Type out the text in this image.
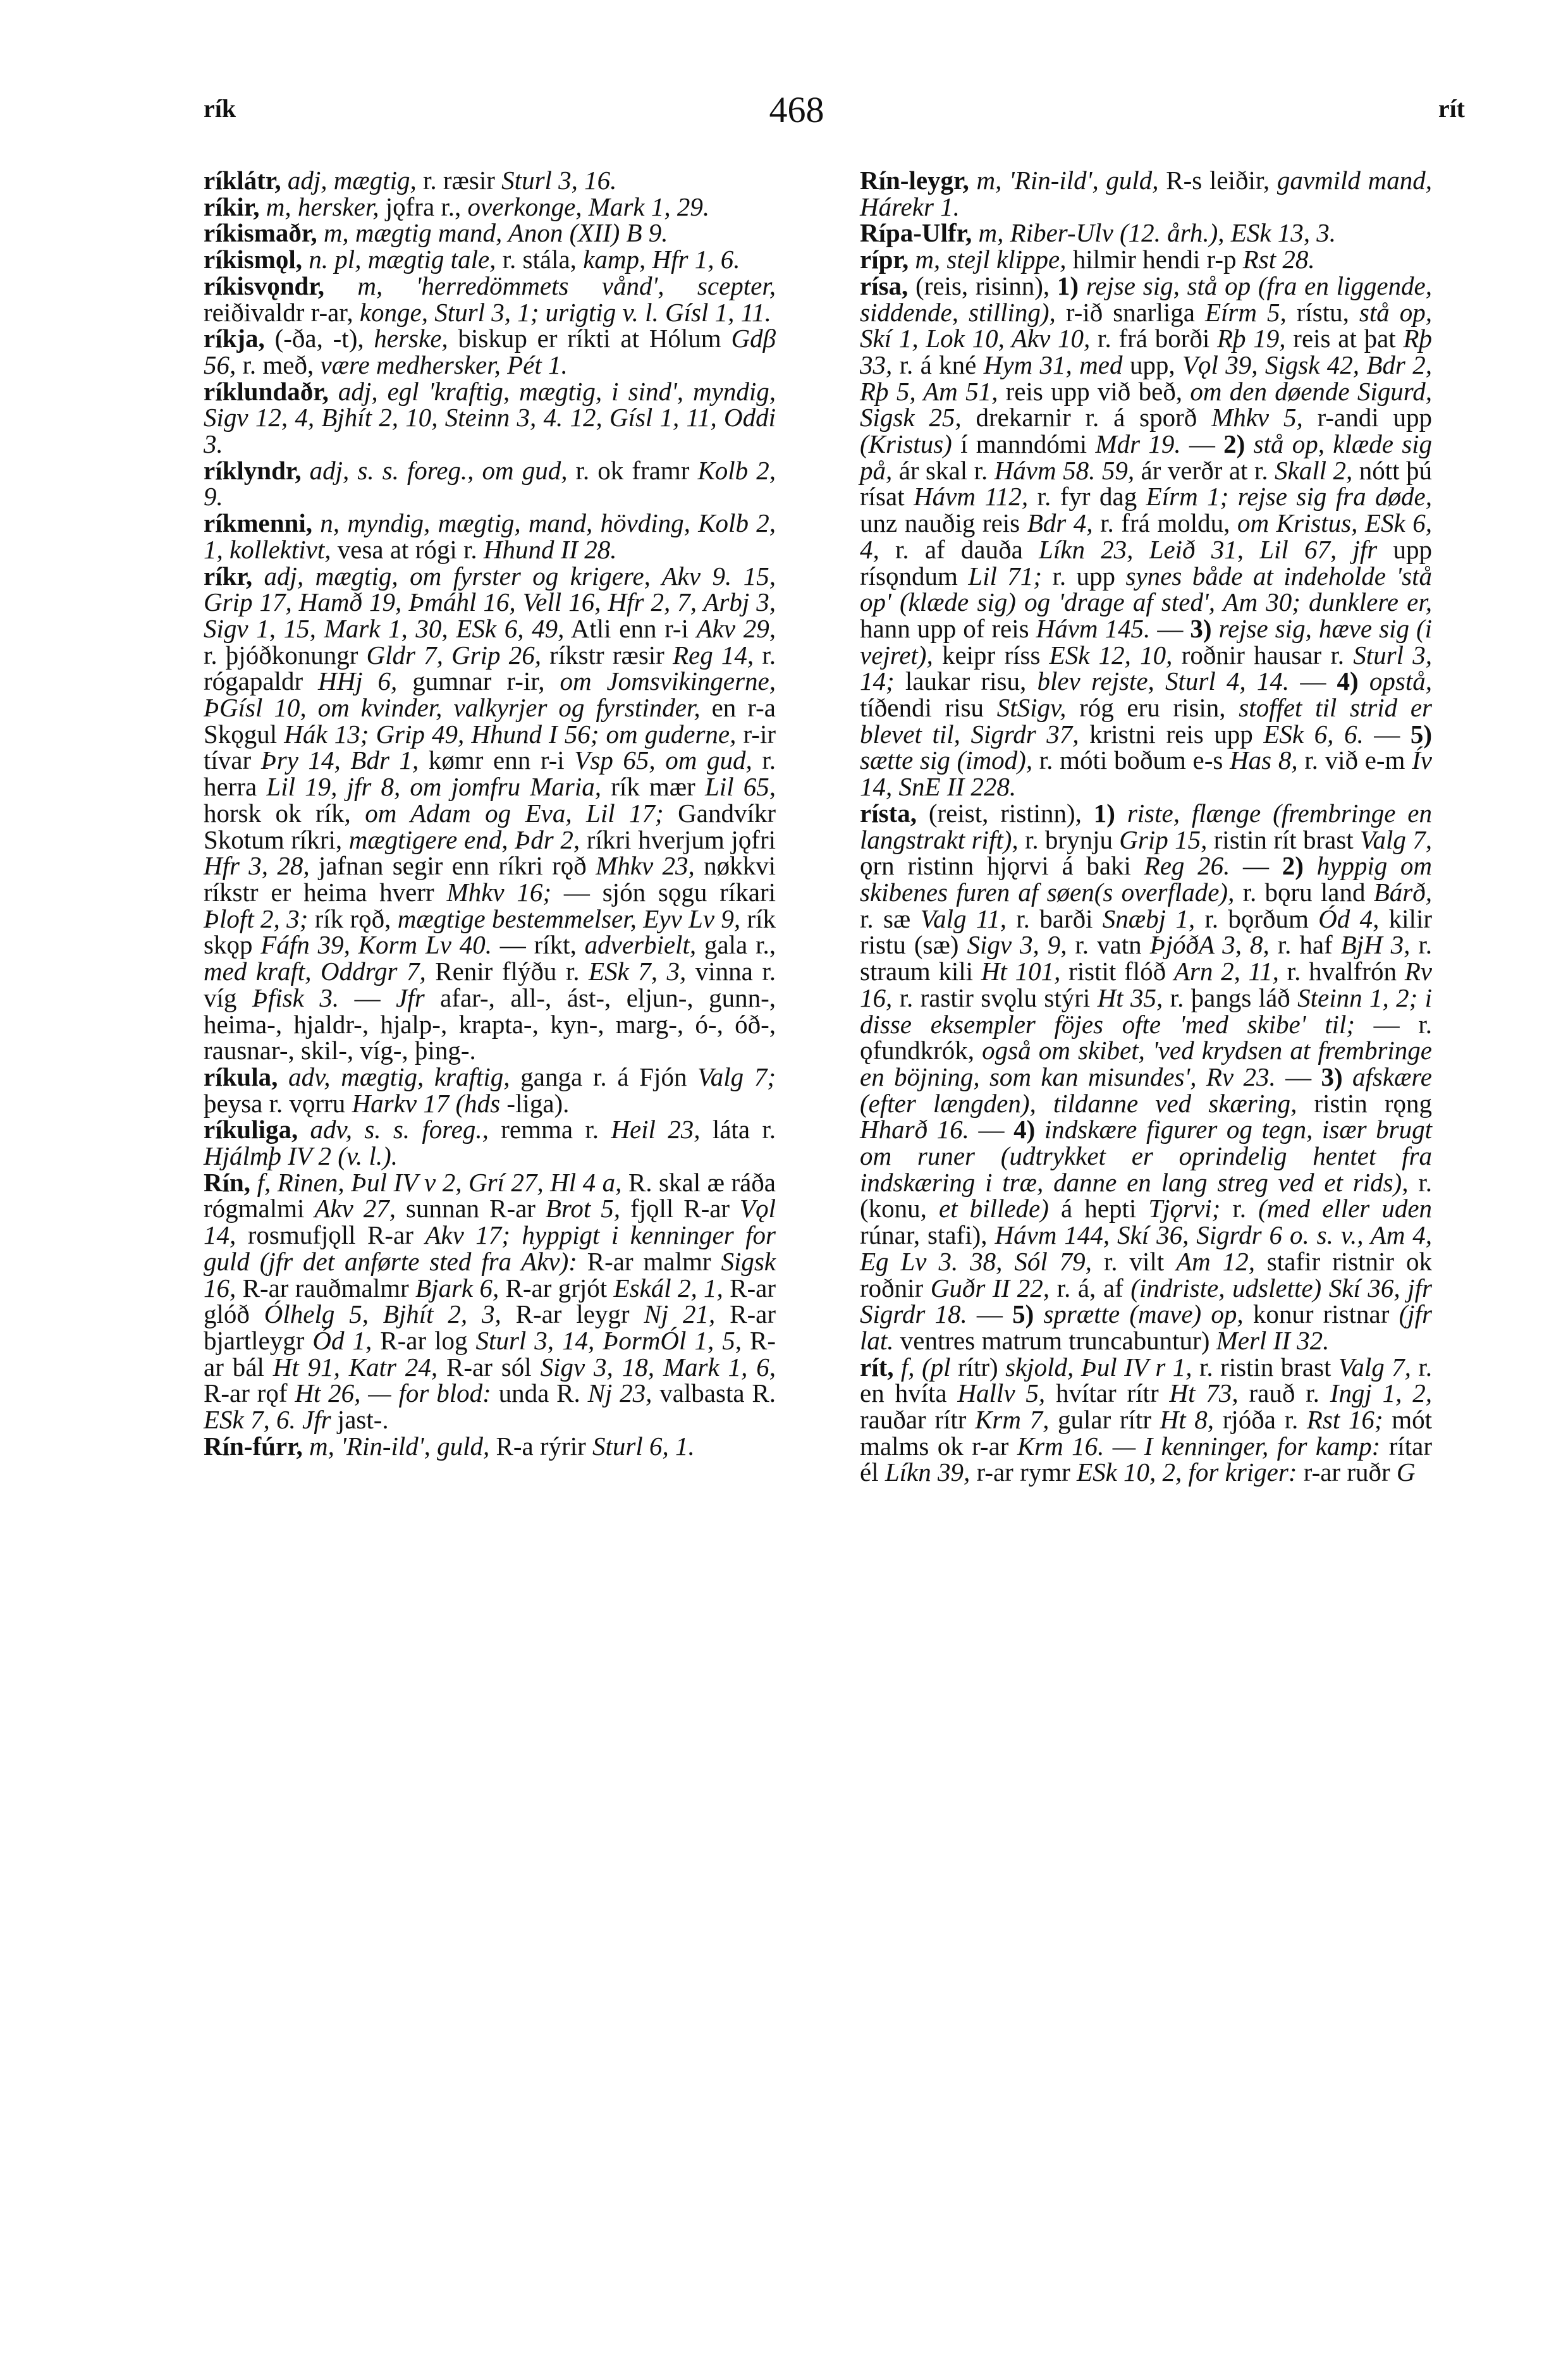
rík	468	rít

ríklátr, adj, mægtig, r. ræsir Sturl 3, 16.

ríkir, m, hersker, jǫfra r., overkonge, Mark 1, 29.

ríkismaðr, m, mægtig mand, Anon (XII) B 9.

ríkismǫl, n. pl, mægtig tale, r. stála, kamp, Hfr 1, 6.

ríkisvǫndr, m, 'herredömmets vånd', scepter, reiðivaldr r-ar, konge, Sturl 3, 1; urigtig v. l. Gísl 1, 11.

ríkja, (-ða, -t), herske, biskup er ríkti at Hólum Gdβ 56, r. með, være medhersker, Pét 1.

ríklundaðr, adj, egl 'kraftig, mægtig, i sind', myndig, Sigv 12, 4, Bjhít 2, 10, Steinn 3, 4. 12, Gísl 1, 11, Oddi 3.

ríklyndr, adj, s. s. foreg., om gud, r. ok framr Kolb 2, 9.

ríkmenni, n, myndig, mægtig, mand, hövding, Kolb 2, 1, kollektivt, vesa at rógi r. Hhund II 28.

ríkr, adj, mægtig, om fyrster og krigere, Akv 9. 15, Grip 17, Hamð 19, Þmáhl 16, Vell 16, Hfr 2, 7, Arbj 3, Sigv 1, 15, Mark 1, 30, ESk 6, 49, Atli enn r-i Akv 29, r. þjóðkonungr Gldr 7, Grip 26, ríkstr ræsir Reg 14, r. rógapaldr HHj 6, gumnar r-ir, om Jomsvikingerne, ÞGísl 10, om kvinder, valkyrjer og fyrstinder, en r-a Skǫgul Hák 13; Grip 49, Hhund I 56; om guderne, r-ir tívar Þry 14, Bdr 1, kømr enn r-i Vsp 65, om gud, r. herra Lil 19, jfr 8, om jomfru Maria, rík mær Lil 65, horsk ok rík, om Adam og Eva, Lil 17; Gandvíkr Skotum ríkri, mægtigere end, Þdr 2, ríkri hverjum jǫfri Hfr 3, 28, jafnan segir enn ríkri rǫð Mhkv 23, nøkkvi ríkstr er heima hverr Mhkv 16; — sjón sǫgu ríkari Þloft 2, 3; rík rǫð, mægtige bestemmelser, Eyv Lv 9, rík skǫp Fáfn 39, Korm Lv 40. — ríkt, adverbielt, gala r., med kraft, Oddrgr 7, Renir flýðu r. ESk 7, 3, vinna r. víg Þfisk 3. — Jfr afar-, all-, ást-, eljun-, gunn-, heima-, hjaldr-, hjalp-, krapta-, kyn-, marg-, ó-, óð-, rausnar-, skil-, víg-, þing-.

ríkula, adv, mægtig, kraftig, ganga r. á Fjón Valg 7; þeysa r. vǫrru Harkv 17 (hds -liga).

ríkuliga, adv, s. s. foreg., remma r. Heil 23, láta r. Hjálmþ IV 2 (v. l.).

Rín, f, Rinen, Þul IV v 2, Grí 27, Hl 4 a, R. skal æ ráða rógmalmi Akv 27, sunnan R-ar Brot 5, fjǫll R-ar Vǫl 14, rosmufjǫll R-ar Akv 17; hyppigt i kenninger for guld (jfr det anførte sted fra Akv): R-ar malmr Sigsk 16, R-ar rauðmalmr Bjark 6, R-ar grjót Eskál 2, 1, R-ar glóð Ólhelg 5, Bjhít 2, 3, R-ar leygr Nj 21, R-ar bjartleygr Ód 1, R-ar log Sturl 3, 14, ÞormÓl 1, 5, R-ar bál Ht 91, Katr 24, R-ar sól Sigv 3, 18, Mark 1, 6, R-ar rǫf Ht 26, — for blod: unda R. Nj 23, valbasta R. ESk 7, 6. Jfr jast-.

Rín-fúrr, m, 'Rin-ild', guld, R-a rýrir Sturl 6, 1.

Rín-leygr, m, 'Rin-ild', guld, R-s leiðir, gavmild mand, Hárekr 1.

Rípa-Ulfr, m, Riber-Ulv (12. årh.), ESk 13, 3.

rípr, m, stejl klippe, hilmir hendi r-p Rst 28.

rísa, (reis, risinn), 1) rejse sig, stå op (fra en liggende, siddende, stilling), r-ið snarliga Eírm 5, rístu, stå op, Skí 1, Lok 10, Akv 10, r. frá borði Rþ 19, reis at þat Rþ 33, r. á kné Hym 31, med upp, Vǫl 39, Sigsk 42, Bdr 2, Rþ 5, Am 51, reis upp við beð, om den døende Sigurd, Sigsk 25, drekarnir r. á sporð Mhkv 5, r-andi upp (Kristus) í manndómi Mdr 19. — 2) stå op, klæde sig på, ár skal r. Hávm 58. 59, ár verðr at r. Skall 2, nótt þú rísat Hávm 112, r. fyr dag Eírm 1; rejse sig fra døde, unz nauðig reis Bdr 4, r. frá moldu, om Kristus, ESk 6, 4, r. af dauða Líkn 23, Leið 31, Lil 67, jfr upp rísǫndum Lil 71; r. upp synes både at indeholde 'stå op' (klæde sig) og 'drage af sted', Am 30; dunklere er, hann upp of reis Hávm 145. — 3) rejse sig, hæve sig (i vejret), keipr ríss ESk 12, 10, roðnir hausar r. Sturl 3, 14; laukar risu, blev rejste, Sturl 4, 14. — 4) opstå, tíðendi risu StSigv, róg eru risin, stoffet til strid er blevet til, Sigrdr 37, kristni reis upp ESk 6, 6. — 5) sætte sig (imod), r. móti boðum e-s Has 8, r. við e-m Ív 14, SnE II 228.

rísta, (reist, ristinn), 1) riste, flænge (frembringe en langstrakt rift), r. brynju Grip 15, ristin rít brast Valg 7, ǫrn ristinn hjǫrvi á baki Reg 26. — 2) hyppig om skibenes furen af søen(s overflade), r. bǫru land Bárð, r. sæ Valg 11, r. barði Snæbj 1, r. bǫrðum Ód 4, kilir ristu (sæ) Sigv 3, 9, r. vatn ÞjóðA 3, 8, r. haf BjH 3, r. straum kili Ht 101, ristit flóð Arn 2, 11, r. hvalfrón Rv 16, r. rastir svǫlu stýri Ht 35, r. þangs láð Steinn 1, 2; i disse eksempler föjes ofte 'med skibe' til; — r. ǫfundkrók, også om skibet, 'ved krydsen at frembringe en böjning, som kan misundes', Rv 23. — 3) afskære (efter længden), tildanne ved skæring, ristin rǫng Hharð 16. — 4) indskære figurer og tegn, især brugt om runer (udtrykket er oprindelig hentet fra indskæring i træ, danne en lang streg ved et rids), r. (konu, et billede) á hepti Tjǫrvi; r. (med eller uden rúnar, stafi), Hávm 144, Skí 36, Sigrdr 6 o. s. v., Am 4, Eg Lv 3. 38, Sól 79, r. vilt Am 12, stafir ristnir ok roðnir Guðr II 22, r. á, af (indriste, udslette) Skí 36, jfr Sigrdr 18. — 5) sprætte (mave) op, konur ristnar (jfr lat. ventres matrum truncabuntur) Merl II 32.

rít, f, (pl rítr) skjold, Þul IV r 1, r. ristin brast Valg 7, r. en hvíta Hallv 5, hvítar rítr Ht 73, rauð r. Ingj 1, 2, rauðar rítr Krm 7, gular rítr Ht 8, rjóða r. Rst 16; mót malms ok r-ar Krm 16. — I kenninger, for kamp: rítar él Líkn 39, r-ar rymr ESk 10, 2, for kriger: r-ar ruðr G
